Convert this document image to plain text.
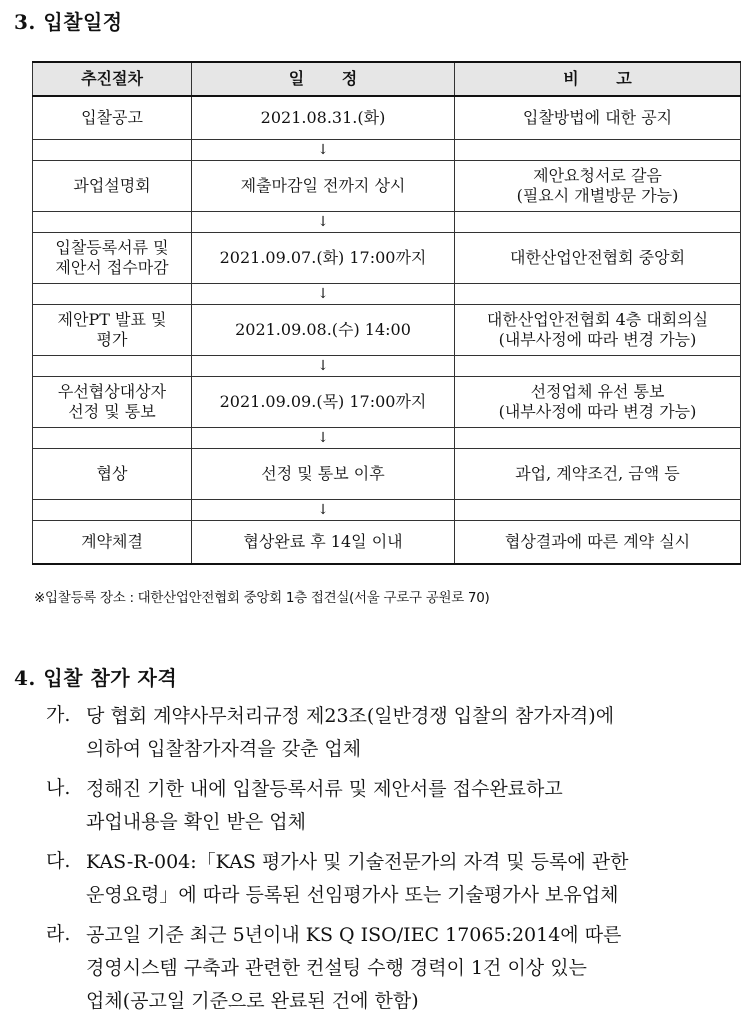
3. 입찰일정
추진절차	일 정	비 고
입찰공고	2021.08.31.(화)	입찰방법에 대한 공지
	↓	
과업설명회	제출마감일 전까지 상시	제안요청서로 갈음
(필요시 개별방문 가능)
	↓	
입찰등록서류 및
제안서 접수마감	2021.09.07.(화) 17:00까지	대한산업안전협회 중앙회
	↓	
제안PT 발표 및
평가	2021.09.08.(수) 14:00	대한산업안전협회 4층 대회의실
(내부사정에 따라 변경 가능)
	↓	
우선협상대상자
선정 및 통보	2021.09.09.(목) 17:00까지	선정업체 유선 통보
(내부사정에 따라 변경 가능)
	↓	
협상	선정 및 통보 이후	과업, 계약조건, 금액 등
	↓	
계약체결	협상완료 후 14일 이내	협상결과에 따른 계약 실시
※입찰등록 장소 : 대한산업안전협회 중앙회 1층 접견실(서울 구로구 공원로 70)
4. 입찰 참가 자격
가. 당 협회 계약사무처리규정 제23조(일반경쟁 입찰의 참가자격)에
의하여 입찰참가자격을 갖춘 업체
나. 정해진 기한 내에 입찰등록서류 및 제안서를 접수완료하고
과업내용을 확인 받은 업체
다. KAS-R-004:「KAS 평가사 및 기술전문가의 자격 및 등록에 관한
운영요령」에 따라 등록된 선임평가사 또는 기술평가사 보유업체
라. 공고일 기준 최근 5년이내 KS Q ISO/IEC 17065:2014에 따른
경영시스템 구축과 관련한 컨설팅 수행 경력이 1건 이상 있는
업체(공고일 기준으로 완료된 건에 한함)
